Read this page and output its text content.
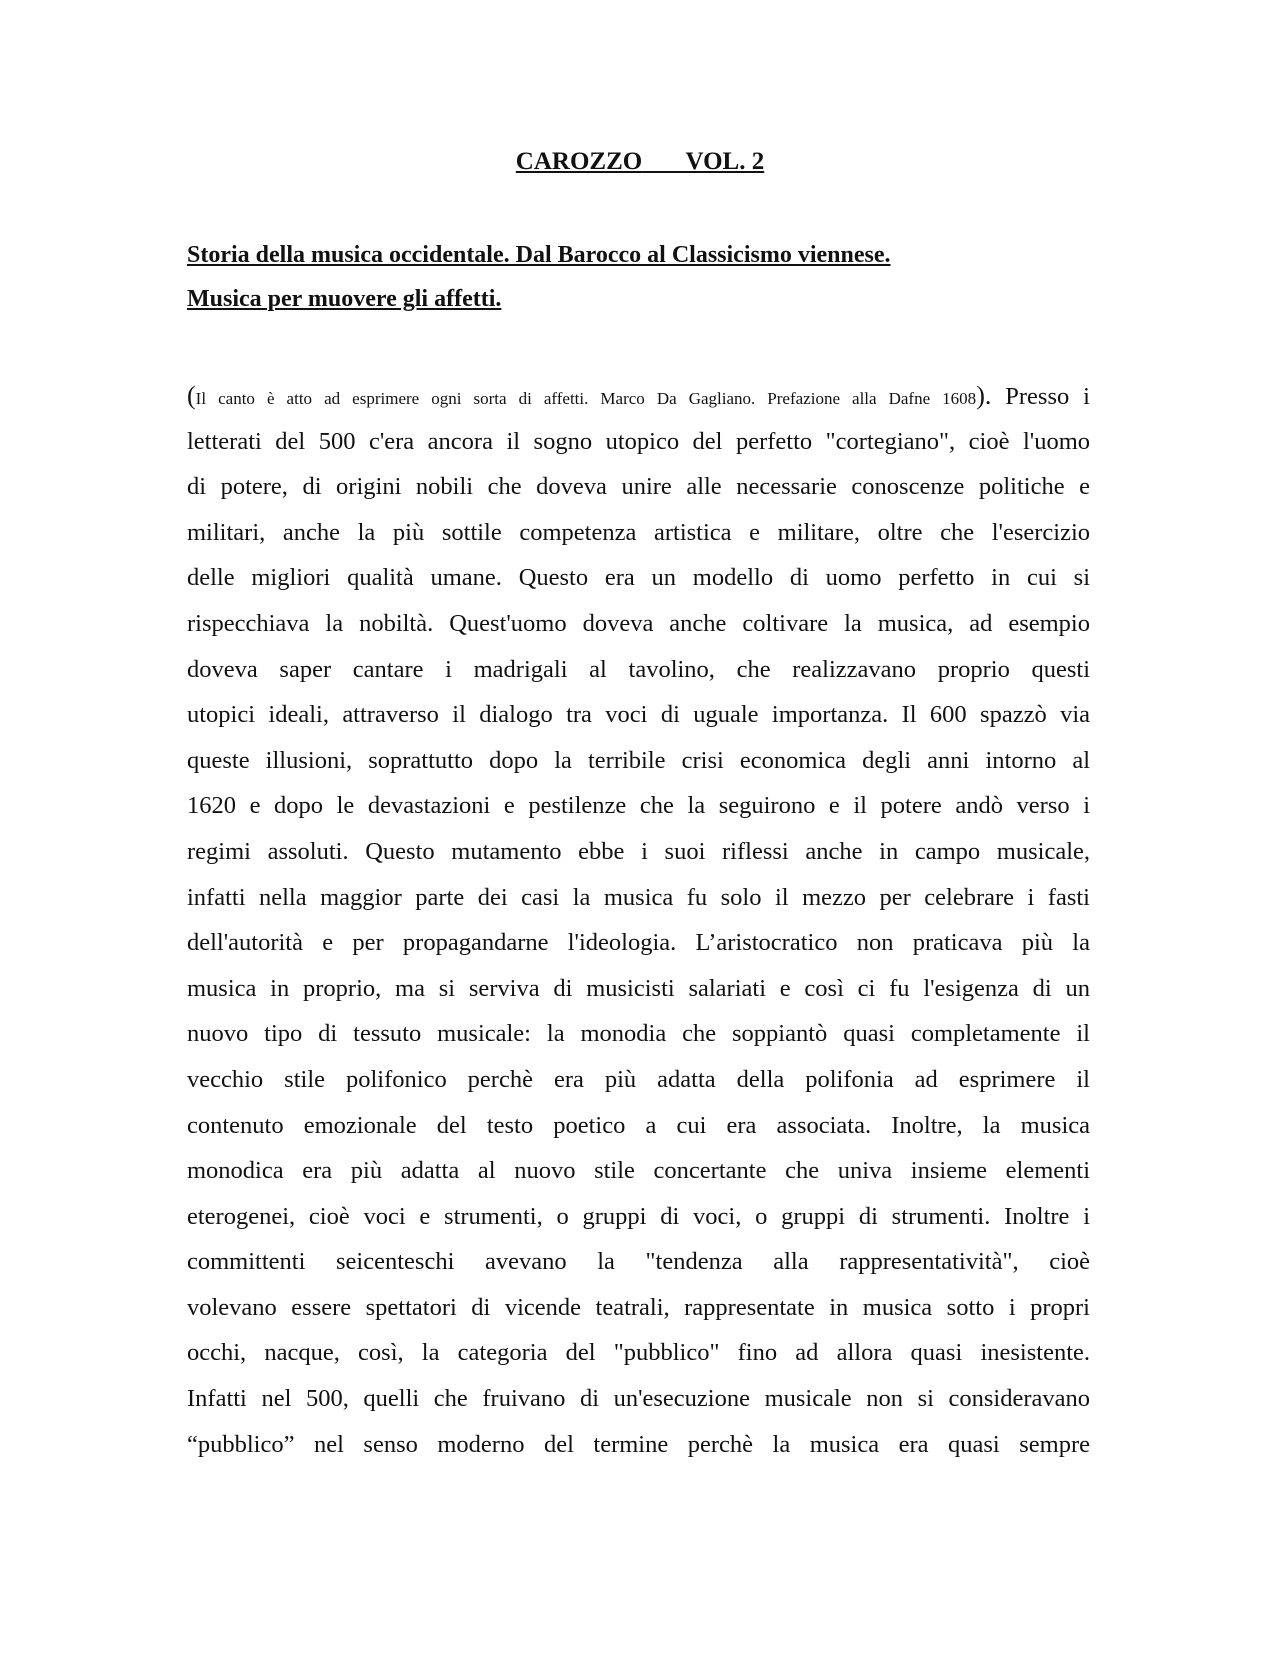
CAROZZO VOL. 2
Storia della musica occidentale. Dal Barocco al Classicismo viennese.
Musica per muovere gli affetti.
(Il canto è atto ad esprimere ogni sorta di affetti. Marco Da Gagliano. Prefazione alla Dafne 1608). Presso i
letterati del 500 c'era ancora il sogno utopico del perfetto "cortegiano", cioè l'uomo
di potere, di origini nobili che doveva unire alle necessarie conoscenze politiche e
militari, anche la più sottile competenza artistica e militare, oltre che l'esercizio
delle migliori qualità umane. Questo era un modello di uomo perfetto in cui si
rispecchiava la nobiltà. Quest'uomo doveva anche coltivare la musica, ad esempio
doveva saper cantare i madrigali al tavolino, che realizzavano proprio questi
utopici ideali, attraverso il dialogo tra voci di uguale importanza. Il 600 spazzò via
queste illusioni, soprattutto dopo la terribile crisi economica degli anni intorno al
1620 e dopo le devastazioni e pestilenze che la seguirono e il potere andò verso i
regimi assoluti. Questo mutamento ebbe i suoi riflessi anche in campo musicale,
infatti nella maggior parte dei casi la musica fu solo il mezzo per celebrare i fasti
dell'autorità e per propagandarne l'ideologia. L’aristocratico non praticava più la
musica in proprio, ma si serviva di musicisti salariati e così ci fu l'esigenza di un
nuovo tipo di tessuto musicale: la monodia che soppiantò quasi completamente il
vecchio stile polifonico perchè era più adatta della polifonia ad esprimere il
contenuto emozionale del testo poetico a cui era associata. Inoltre, la musica
monodica era più adatta al nuovo stile concertante che univa insieme elementi
eterogenei, cioè voci e strumenti, o gruppi di voci, o gruppi di strumenti. Inoltre i
committenti seicenteschi avevano la "tendenza alla rappresentatività", cioè
volevano essere spettatori di vicende teatrali, rappresentate in musica sotto i propri
occhi, nacque, così, la categoria del "pubblico" fino ad allora quasi inesistente.
Infatti nel 500, quelli che fruivano di un'esecuzione musicale non si consideravano
“pubblico” nel senso moderno del termine perchè la musica era quasi sempre
